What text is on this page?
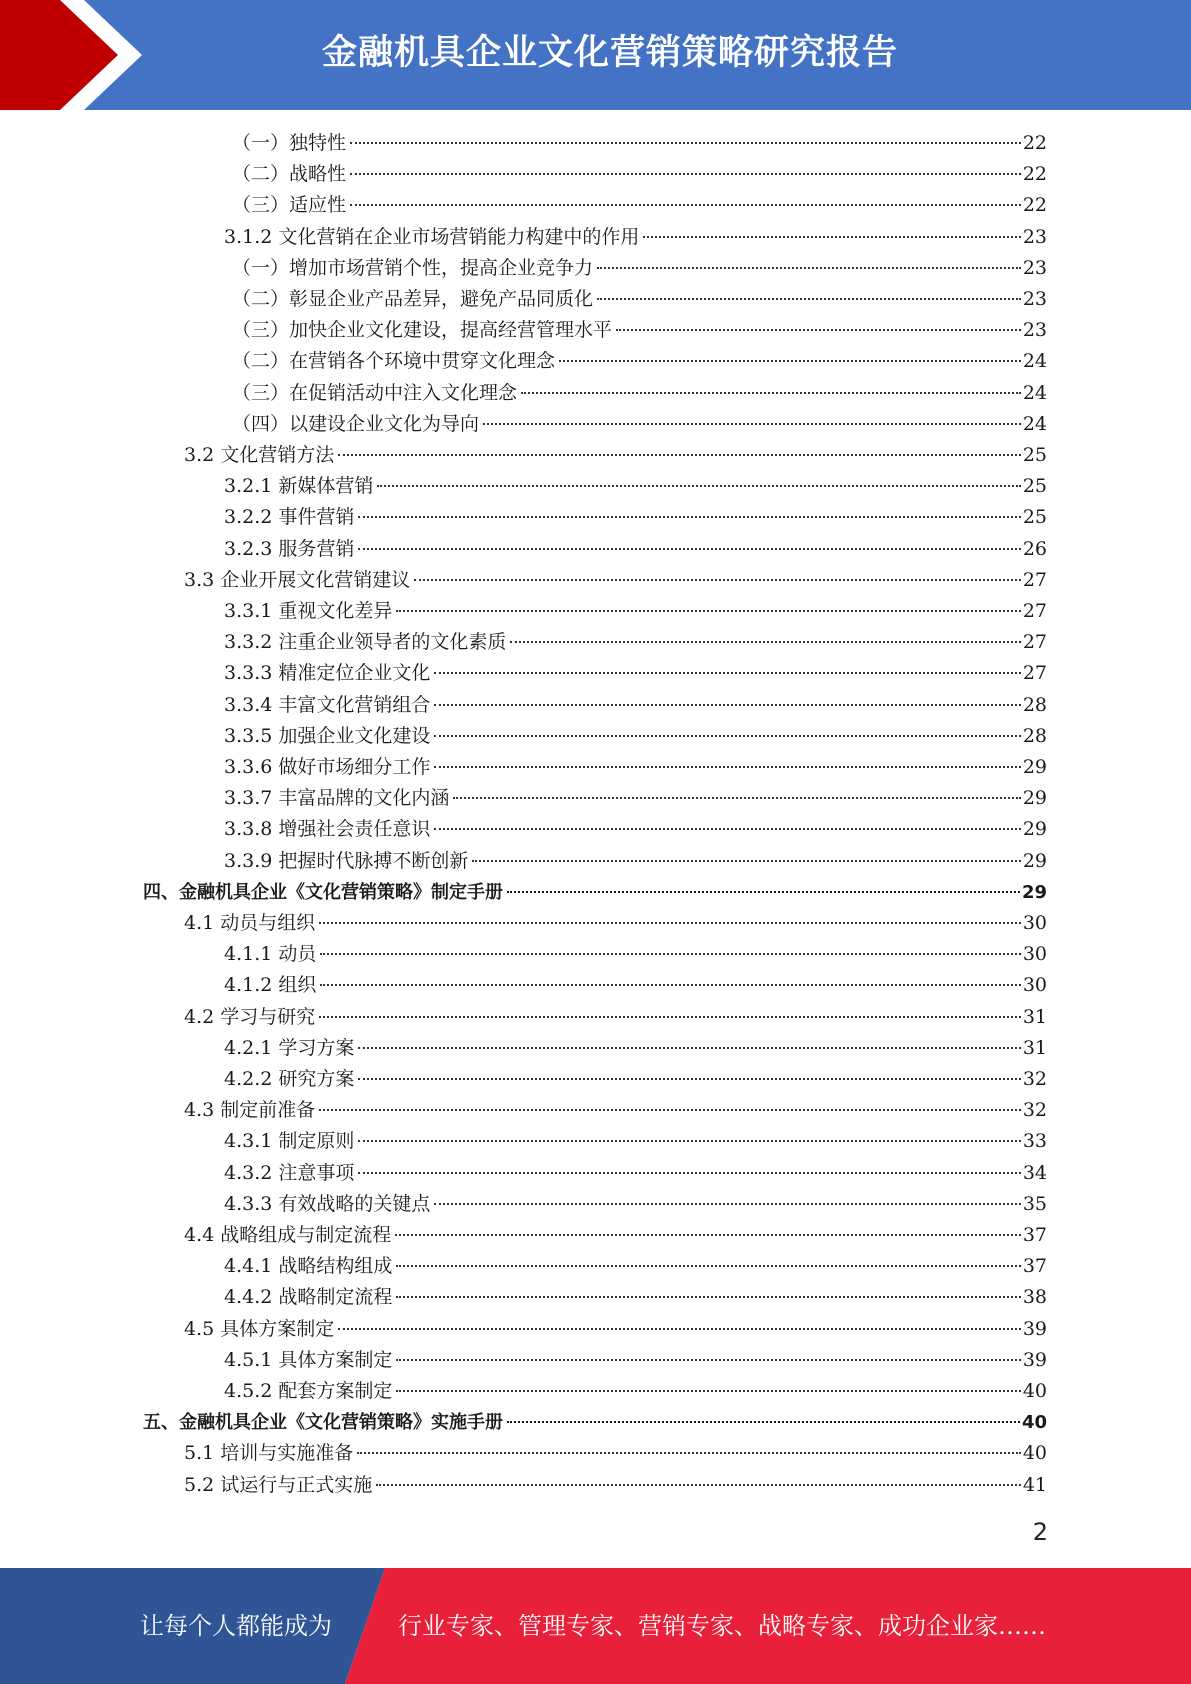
金融机具企业文化营销策略研究报告
（一）独特性	22
（二）战略性	22
（三）适应性	22
3.1.2 文化营销在企业市场营销能力构建中的作用	23
（一）增加市场营销个性，提高企业竞争力	23
（二）彰显企业产品差异，避免产品同质化	23
（三）加快企业文化建设，提高经营管理水平	23
（二）在营销各个环境中贯穿文化理念	24
（三）在促销活动中注入文化理念	24
（四）以建设企业文化为导向	24
3.2 文化营销方法	25
3.2.1 新媒体营销	25
3.2.2 事件营销	25
3.2.3 服务营销	26
3.3 企业开展文化营销建议	27
3.3.1 重视文化差异	27
3.3.2 注重企业领导者的文化素质	27
3.3.3 精准定位企业文化	27
3.3.4 丰富文化营销组合	28
3.3.5 加强企业文化建设	28
3.3.6 做好市场细分工作	29
3.3.7 丰富品牌的文化内涵	29
3.3.8 增强社会责任意识	29
3.3.9 把握时代脉搏不断创新	29
四、金融机具企业《文化营销策略》制定手册	29
4.1 动员与组织	30
4.1.1 动员	30
4.1.2 组织	30
4.2 学习与研究	31
4.2.1 学习方案	31
4.2.2 研究方案	32
4.3 制定前准备	32
4.3.1 制定原则	33
4.3.2 注意事项	34
4.3.3 有效战略的关键点	35
4.4 战略组成与制定流程	37
4.4.1 战略结构组成	37
4.4.2 战略制定流程	38
4.5 具体方案制定	39
4.5.1 具体方案制定	39
4.5.2 配套方案制定	40
五、金融机具企业《文化营销策略》实施手册	40
5.1 培训与实施准备	40
5.2 试运行与正式实施	41
2
让每个人都能成为	行业专家、管理专家、营销专家、战略专家、成功企业家……
